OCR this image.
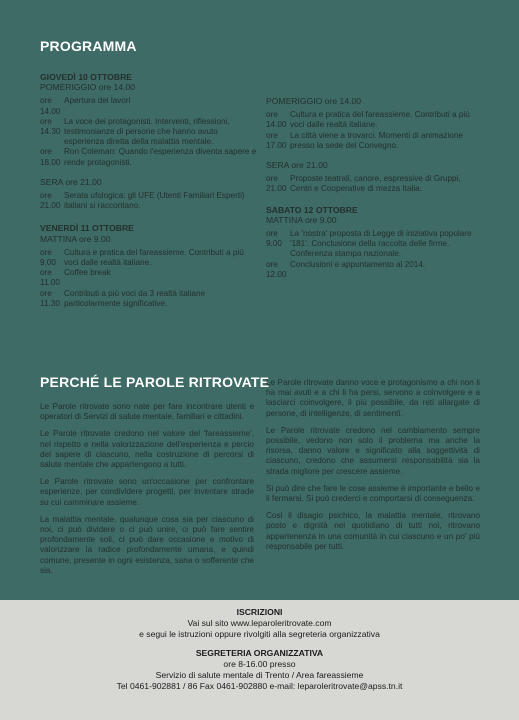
PROGRAMMA
GIOVEDÌ 10 OTTOBRE
POMERIGGIO ore 14.00
ore 14.00
Apertura dei lavori
ore 14.30
La voce dei protagonisti. Interventi, riflessioni, testimonianze di persone che hanno avuto esperienza diretta della malattia mentale.
ore 18.00
Ron Coleman: Quando l'esperienza diventa sapere e rende protagonisti.
SERA ore 21.00
ore 21.00
Serata ufologica: gli UFE (Utenti Familiari Esperti) italiani si raccontano.
VENERDÌ 11 OTTOBRE
MATTINA ore 9.00
ore 9.00
Cultura e pratica del fareassieme. Contributi a più voci dalle realtà italiane.
ore 11.00
Coffee break
ore 11.30
Contributi a più voci da 3 realtà italiane particolarmente significative.
POMERIGGIO ore 14.00
ore 14.00
Cultura e pratica del fareassieme. Contributi a più voci dalle realtà italiane.
ore 17.00
La città viene a trovarci. Momenti di animazione presso la sede del Convegno.
SERA ore 21.00
ore 21.00
Proposte teatrali, canore, espressive di Gruppi, Centri e Cooperative di mezza Italia.
SABATO 12 OTTOBRE
MATTINA ore 9.00
ore 9.00
La 'nostra' proposta di Legge di iniziativa popolare '181'. Conclusione della raccolta delle firme. Conferenza stampa nazionale.
ore 12.00
Conclusioni e appuntamento al 2014.
PERCHÉ LE PAROLE RITROVATE

Le Parole ritrovate sono nate per fare incontrare utenti e operatori di Servizi di salute mentale, familiari e cittadini.

Le Parole ritrovate credono nel valore del 'fareassieme', nel rispetto e nella valorizzazione dell'esperienza e percio del sapere di ciascuno, nella costruzione di percorsi di salute mentale che appartengono a tutti.

Le Parole ritrovate sono un'occasione per confrontare esperienze, per condividere progetti, per inventare strade su cui camminare assieme.

La malattia mentale, qualunque cosa sia per ciascuno di noi, ci può dividere o ci può unire, ci può fare sentire profondamente soli, ci può dare occasione e motivo di valorizzare la radice profondamente umana, e quindi comune, presente in ogni esistenza, sana o sofferente che sia.

Le Parole ritrovate danno voce e protagonismo a chi non li ha mai avuti e a chi li ha persi, servono a coinvolgere e a lasciarci coinvolgere, il più possibile, da reti allargate di persone, di intelligenze, di sentimenti.

Le Parole ritrovate credono nel cambiamento sempre possibile, vedono non solo il problema ma anche la risorsa, danno valore e significato alla soggettività di ciascuno, credono che assumersi responsabilità sia la strada migliore per crescere assieme.

Si può dire che fare le cose assieme è importante e bello e li fermarsi. Si può crederci e comportarsi di conseguenza.

Così il disagio psichico, la malattia mentale, ritrovano posto e dignità nel quotidiano di tutti noi, ritrovano appartenenza in una comunità in cui ciascuno e un po' più responsabile per tutti.

ISCRIZIONI
Vai sul sito www.leparoleritrovate.com
e segui le istruzioni oppure rivolgiti alla segreteria organizzativa
SEGRETERIA ORGANIZZATIVA
ore 8-16.00 presso
Servizio di salute mentale di Trento / Area fareassieme
Tel 0461-902881 / 86 Fax 0461-902880 e-mail: leparoleritrovate@apss.tn.it
